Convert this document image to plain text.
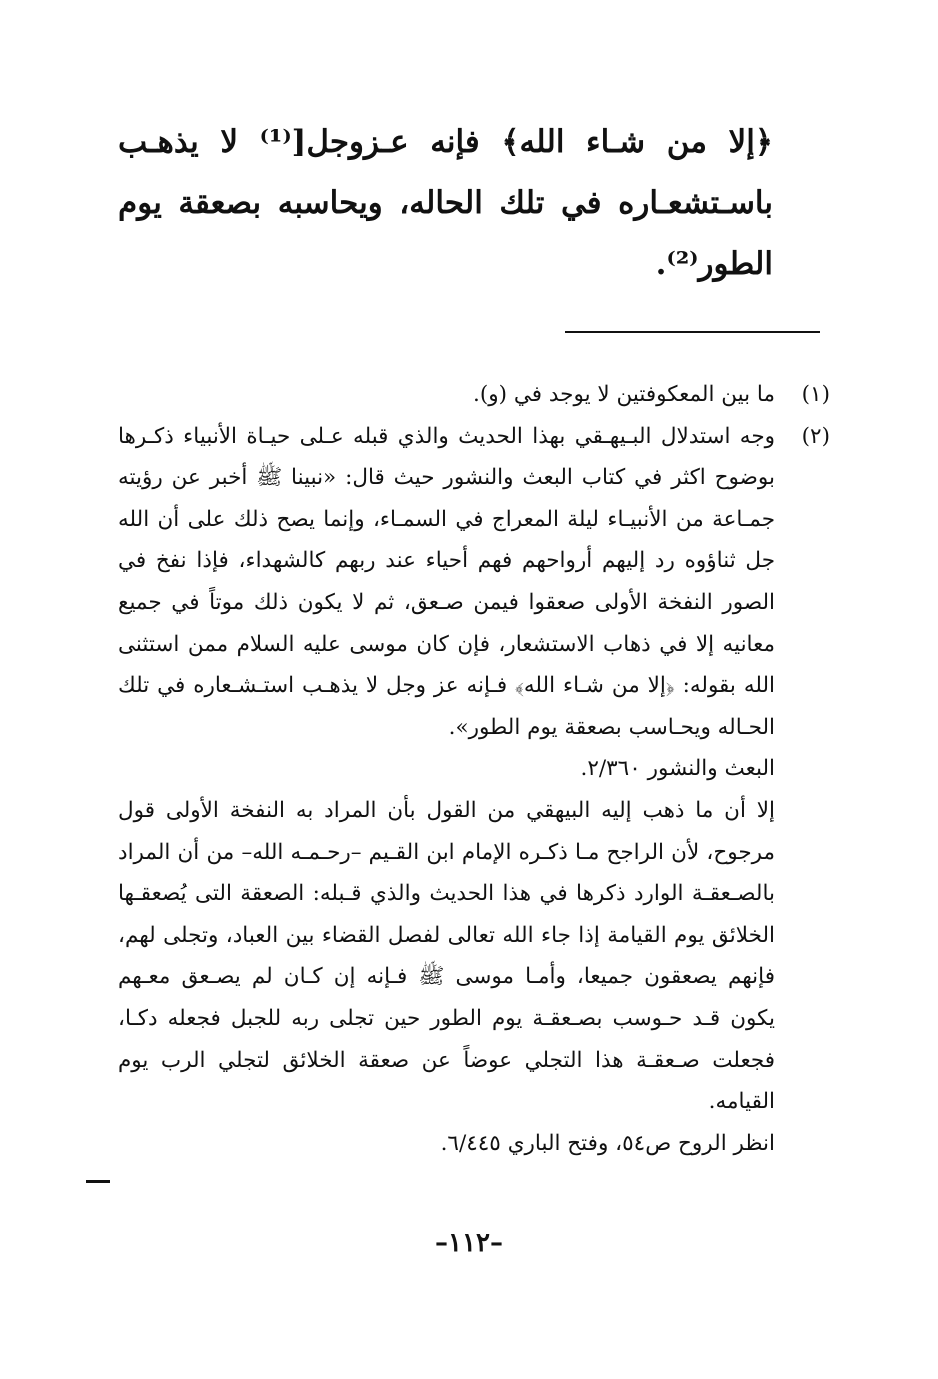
﴿إلا من شـاء الله﴾ فإنه عـزوجل[⁽¹⁾ لا يذهـب باسـتشعـاره في تلك الحاله، ويحاسبه بصعقة يوم الطور⁽²⁾.
(١)
ما بين المعكوفتين لا يوجد في (و).
(٢)
وجه استدلال البـيهـقي بهذا الحديث والذي قبله عـلى حيـاة الأنبياء ذكـرها بوضوح اكثر في كتاب البعث والنشور حيث قال: «نبينا ﷺ أخبر عن رؤيته جمـاعة من الأنبيـاء ليلة المعراج في السمـاء، وإنما يصح ذلك على أن الله جل ثناؤوه رد إليهم أرواحهم فهم أحياء عند ربهم كالشهداء، فإذا نفخ في الصور النفخة الأولى صعقوا فيمن صـعق، ثم لا يكون ذلك موتاً في جميع معانيه إلا في ذهاب الاستشعار، فإن كان موسى عليه السلام ممن استثنى الله بقوله: ﴿إلا من شـاء الله﴾ فـإنه عز وجل لا يذهـب استـشـعاره في تلك الحـاله ويحـاسب بصعقة يوم الطور».
البعث والنشور ٢/٣٦٠.
إلا أن ما ذهب إليه البيهقي من القول بأن المراد به النفخة الأولى قول مرجوح، لأن الراجح مـا ذكـره الإمام ابن القـيم –رحـمـه الله– من أن المراد بالصـعقـة الوارد ذكرها في هذا الحديث والذي قـبله: الصعقة التى يُصعقـها الخلائق يوم القيامة إذا جاء الله تعالى لفصل القضاء بين العباد، وتجلى لهم، فإنهم يصعقون جميعا، وأمـا موسى ﷺ فـإنه إن كـان لم يصـعق معـهم يكون قـد حـوسب بصـعقـة يوم الطور حين تجلى ربه للجبل فجعله دكـا، فجعلت صـعقـة هذا التجلي عوضاً عن صعقة الخلائق لتجلي الرب يوم القيامه.
انظر الروح ص٥٤، وفتح الباري ٦/٤٤٥.
–١١٢–
